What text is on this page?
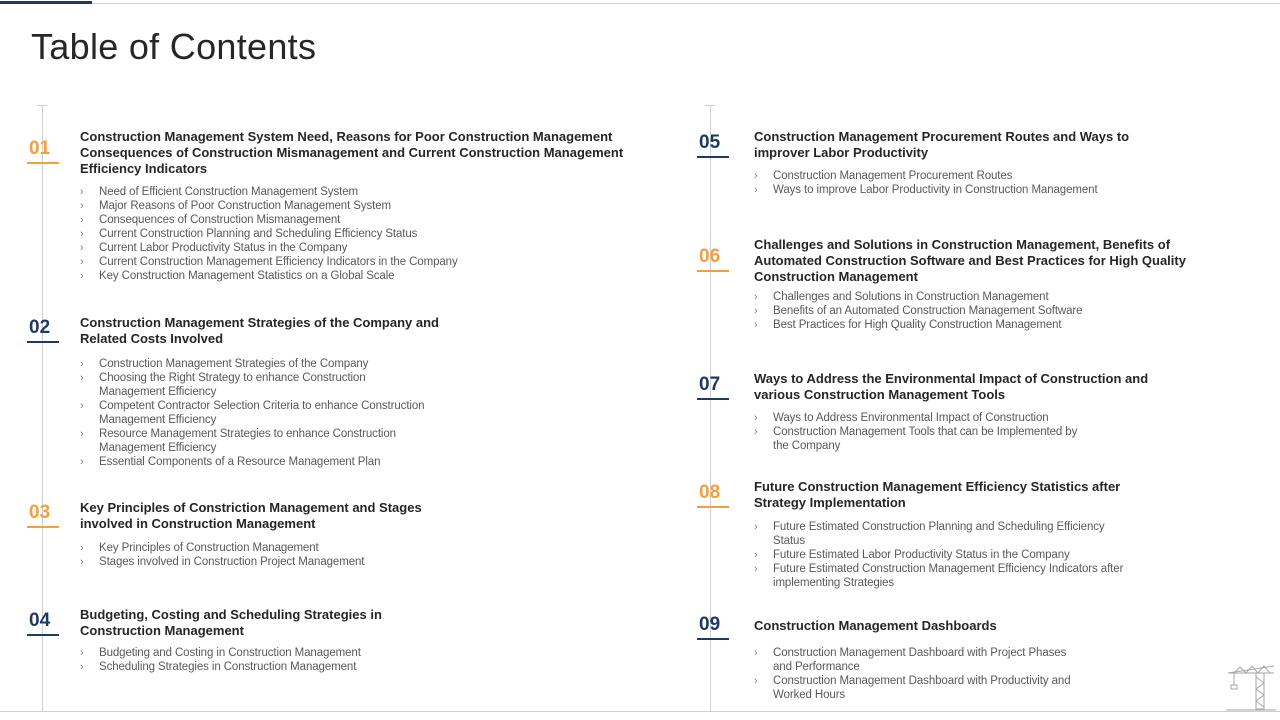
Table of Contents
01
Construction Management System Need, Reasons for Poor Construction Management Consequences of Construction Mismanagement and Current Construction Management Efficiency Indicators
› Need of Efficient Construction Management System
› Major Reasons of Poor Construction Management System
› Consequences of Construction Mismanagement
› Current Construction Planning and Scheduling Efficiency Status
› Current Labor Productivity Status in the Company
› Current Construction Management Efficiency Indicators in the Company
› Key Construction Management Statistics on a Global Scale
02	Construction Management Strategies of the Company and Related Costs Involved
› Construction Management Strategies of the Company
› Choosing the Right Strategy to enhance Construction Management Efficiency
› Competent Contractor Selection Criteria to enhance Construction Management Efficiency
› Resource Management Strategies to enhance Construction Management Efficiency
› Essential Components of a Resource Management Plan
03	Key Principles of Constriction Management and Stages involved in Construction Management
› Key Principles of Construction Management
› Stages involved in Construction Project Management
04	Budgeting, Costing and Scheduling Strategies in Construction Management
› Budgeting and Costing in Construction Management
› Scheduling Strategies in Construction Management
05	Construction Management Procurement Routes and Ways to improver Labor Productivity
› Construction Management Procurement Routes
› Ways to improve Labor Productivity in Construction Management
06
Challenges and Solutions in Construction Management, Benefits of Automated Construction Software and Best Practices for High Quality Construction Management
› Challenges and Solutions in Construction Management
› Benefits of an Automated Construction Management Software
› Best Practices for High Quality Construction Management
07	Ways to Address the Environmental Impact of Construction and various Construction Management Tools
› Ways to Address Environmental Impact of Construction
› Construction Management Tools that can be Implemented by the Company
08	Future Construction Management Efficiency Statistics after Strategy Implementation
› Future Estimated Construction Planning and Scheduling Efficiency Status
› Future Estimated Labor Productivity Status in the Company
› Future Estimated Construction Management Efficiency Indicators after implementing Strategies
09	Construction Management Dashboards
› Construction Management Dashboard with Project Phases and Performance
› Construction Management Dashboard with Productivity and Worked Hours
